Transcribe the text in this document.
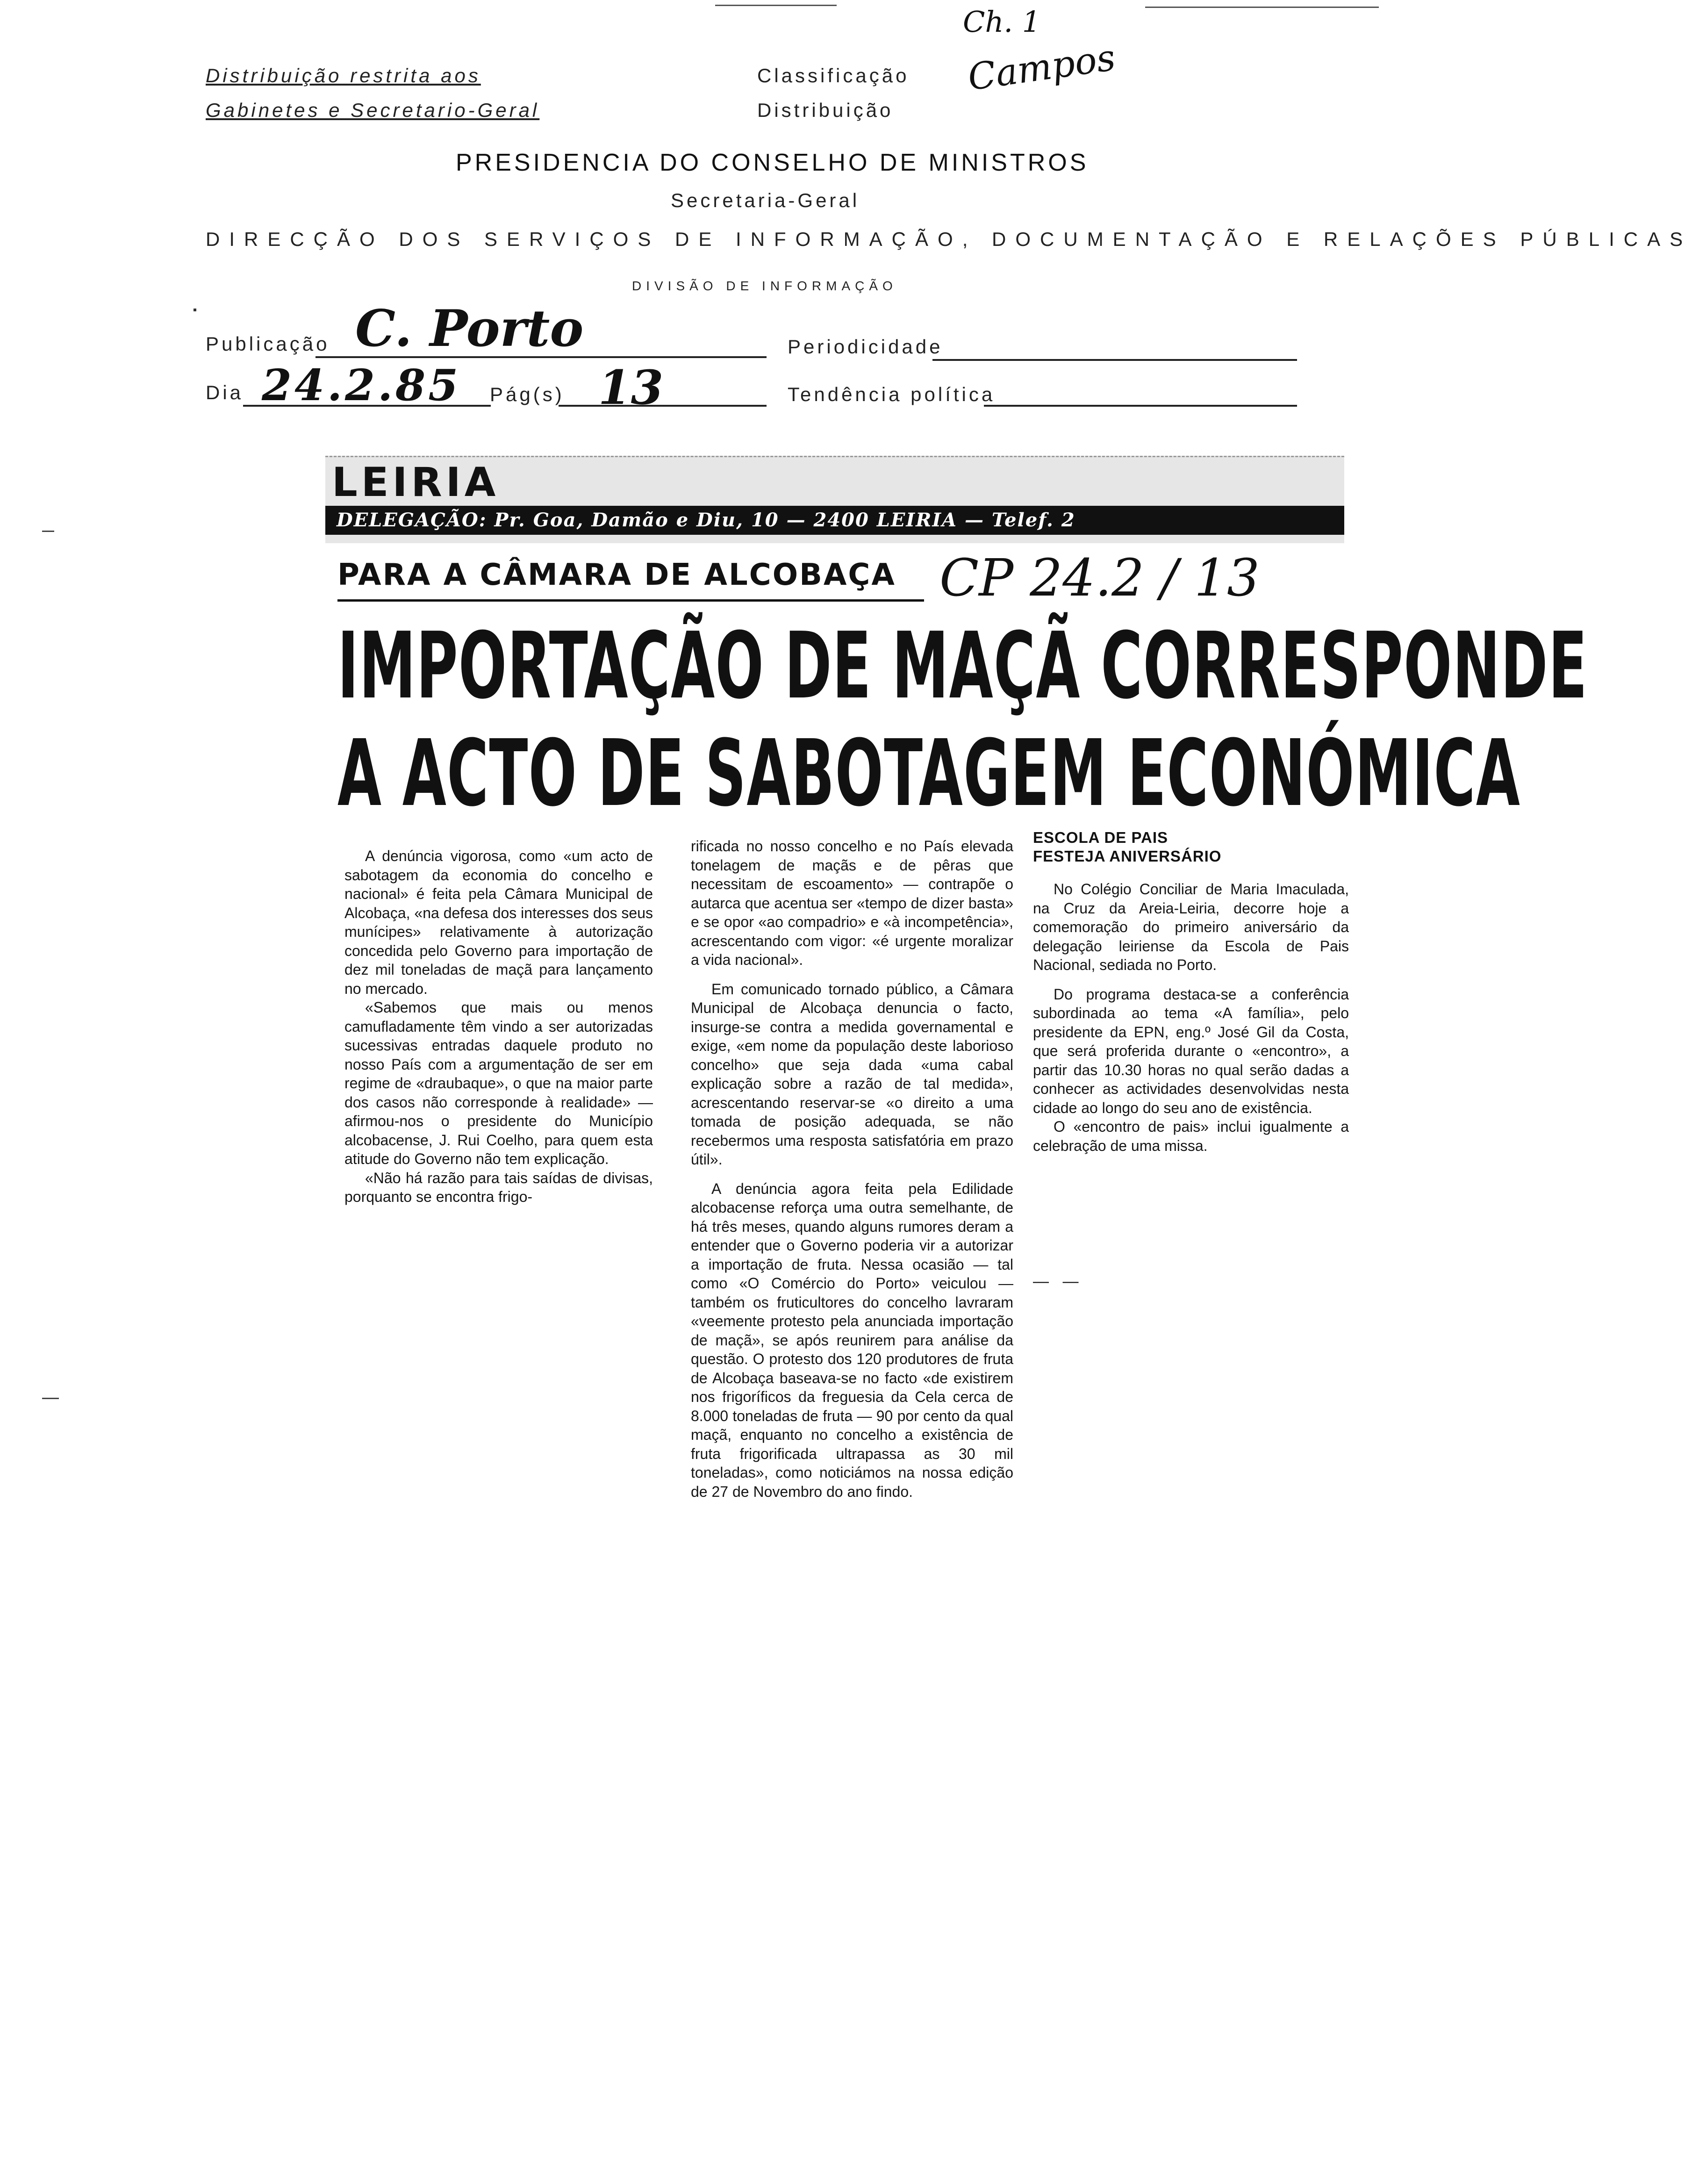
Distribuição restrita aos
Gabinetes e Secretario-Geral
Classificação
Distribuição
Ch. 1
Campos
PRESIDENCIA DO CONSELHO DE MINISTROS
Secretaria-Geral
DIRECÇÃO DOS SERVIÇOS DE INFORMAÇÃO, DOCUMENTAÇÃO E RELAÇÕES PÚBLICAS
DIVISÃO DE INFORMAÇÃO
Publicação C. Porto	Periodicidade
Dia 24.2.85 Pág(s) 13	Tendência política
LEIRIA
DELEGAÇÃO: Pr. Goa, Damão e Diu, 10 — 2400 LEIRIA — Telef. 2
PARA A CÂMARA DE ALCOBAÇA CP 24.2 / 13
IMPORTAÇÃO DE MAÇÃ CORRESPONDE
A ACTO DE SABOTAGEM ECONÓMICA

A denúncia vigorosa, como «um acto de sabotagem da economia do concelho e nacional» é feita pela Câmara Municipal de Alcobaça, «na defesa dos interesses dos seus munícipes» relativamente à autorização concedida pelo Governo para importação de dez mil toneladas de maçã para lançamento no mercado.

«Sabemos que mais ou menos camufladamente têm vindo a ser autorizadas sucessivas entradas daquele produto no nosso País com a argumentação de ser em regime de «draubaque», o que na maior parte dos casos não corresponde à realidade» — afirmou-nos o presidente do Município alcobacense, J. Rui Coelho, para quem esta atitude do Governo não tem explicação.

«Não há razão para tais saídas de divisas, porquanto se encontra frigo-

rificada no nosso concelho e no País elevada tonelagem de maçãs e de pêras que necessitam de escoamento» — contrapõe o autarca que acentua ser «tempo de dizer basta» e se opor «ao compadrio» e «à incompetência», acrescentando com vigor: «é urgente moralizar a vida nacional».

Em comunicado tornado público, a Câmara Municipal de Alcobaça denuncia o facto, insurge-se contra a medida governamental e exige, «em nome da população deste laborioso concelho» que seja dada «uma cabal explicação sobre a razão de tal medida», acrescentando reservar-se «o direito a uma tomada de posição adequada, se não recebermos uma resposta satisfatória em prazo útil».

A denúncia agora feita pela Edilidade alcobacense reforça uma outra semelhante, de há três meses, quando alguns rumores deram a entender que o Governo poderia vir a autorizar a importação de fruta. Nessa ocasião — tal como «O Comércio do Porto» veiculou — também os fruticultores do concelho lavraram «veemente protesto pela anunciada importação de maçã», se após reunirem para análise da questão. O protesto dos 120 produtores de fruta de Alcobaça baseava-se no facto «de existirem nos frigoríficos da freguesia da Cela cerca de 8.000 toneladas de fruta — 90 por cento da qual maçã, enquanto no concelho a existência de fruta frigorificada ultrapassa as 30 mil toneladas», como noticiámos na nossa edição de 27 de Novembro do ano findo.

ESCOLA DE PAIS
FESTEJA ANIVERSÁRIO

No Colégio Conciliar de Maria Imaculada, na Cruz da Areia-Leiria, decorre hoje a comemoração do primeiro aniversário da delegação leiriense da Escola de Pais Nacional, sediada no Porto.

Do programa destaca-se a conferência subordinada ao tema «A família», pelo presidente da EPN, eng.º José Gil da Costa, que será proferida durante o «encontro», a partir das 10.30 horas no qual serão dadas a conhecer as actividades desenvolvidas nesta cidade ao longo do seu ano de existência.

O «encontro de pais» inclui igualmente a celebração de uma missa.

— —
